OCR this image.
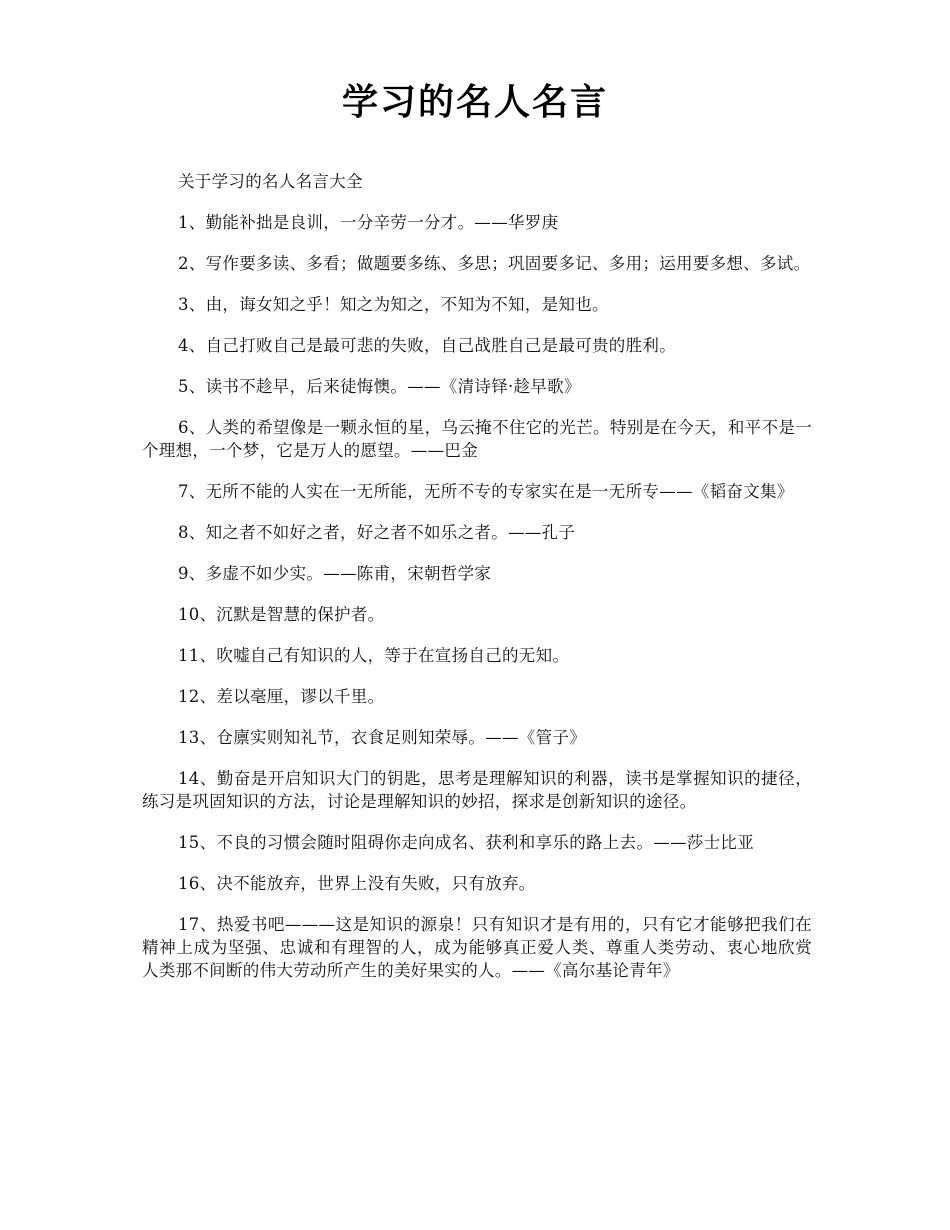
学习的名人名言

关于学习的名人名言大全

1、勤能补拙是良训，一分辛劳一分才。——华罗庚

2、写作要多读、多看；做题要多练、多思；巩固要多记、多用；运用要多想、多试。

3、由，诲女知之乎！知之为知之，不知为不知，是知也。

4、自己打败自己是最可悲的失败，自己战胜自己是最可贵的胜利。

5、读书不趁早，后来徒悔懊。——《清诗铎·趁早歌》

6、人类的希望像是一颗永恒的星，乌云掩不住它的光芒。特别是在今天，和平不是一个理想，一个梦，它是万人的愿望。——巴金

7、无所不能的人实在一无所能，无所不专的专家实在是一无所专——《韬奋文集》

8、知之者不如好之者，好之者不如乐之者。——孔子

9、多虚不如少实。——陈甫，宋朝哲学家

10、沉默是智慧的保护者。

11、吹嘘自己有知识的人，等于在宣扬自己的无知。

12、差以毫厘，谬以千里。

13、仓廪实则知礼节，衣食足则知荣辱。——《管子》

14、勤奋是开启知识大门的钥匙，思考是理解知识的利器，读书是掌握知识的捷径，练习是巩固知识的方法，讨论是理解知识的妙招，探求是创新知识的途径。

15、不良的习惯会随时阻碍你走向成名、获利和享乐的路上去。——莎士比亚

16、决不能放弃，世界上没有失败，只有放弃。

17、热爱书吧———这是知识的源泉！只有知识才是有用的，只有它才能够把我们在精神上成为坚强、忠诚和有理智的人，成为能够真正爱人类、尊重人类劳动、衷心地欣赏人类那不间断的伟大劳动所产生的美好果实的人。——《高尔基论青年》
